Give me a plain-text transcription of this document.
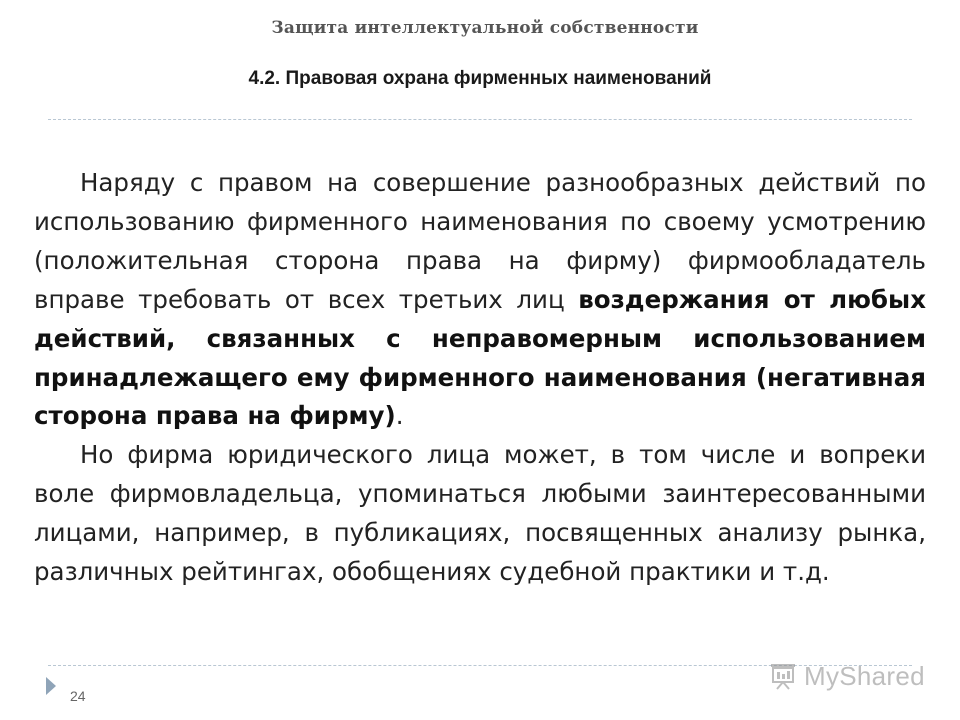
Защита интеллектуальной собственности
4.2. Правовая охрана фирменных наименований

Наряду с правом на совершение разнообразных действий по использованию фирменного наименования по своему усмотрению (положительная сторона права на фирму) фирмообладатель вправе требовать от всех третьих лиц воздержания от любых действий, связанных с неправомерным использованием принадлежащего ему фирменного наименования (негативная сторона права на фирму).

Но фирма юридического лица может, в том числе и вопреки воле фирмовладельца, упоминаться любыми заинтересованными лицами, например, в публикациях, посвященных анализу рынка, различных рейтингах, обобщениях судебной практики и т.д.

24
MyShared
